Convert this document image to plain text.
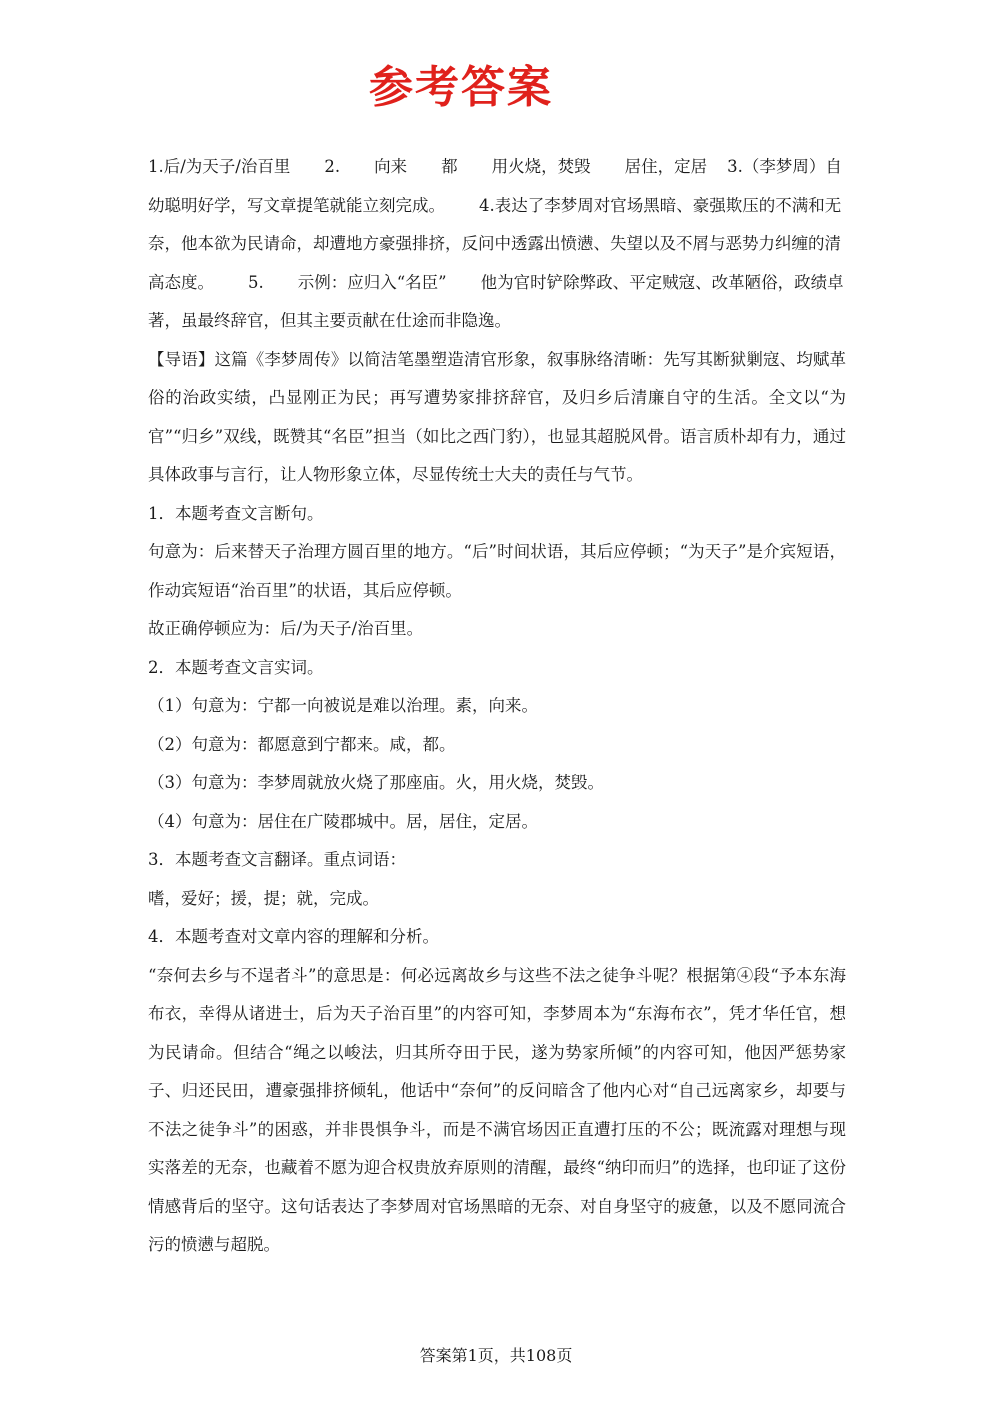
参考答案

1.后/为天子/治百里 2. 向来 都 用火烧，焚毁 居住，定居 3.（李梦周）自幼聪明好学，写文章提笔就能立刻完成。 4.表达了李梦周对官场黑暗、豪强欺压的不满和无奈，他本欲为民请命，却遭地方豪强排挤，反问中透露出愤懑、失望以及不屑与恶势力纠缠的清高态度。 5. 示例：应归入“名臣” 他为官时铲除弊政、平定贼寇、改革陋俗，政绩卓著，虽最终辞官，但其主要贡献在仕途而非隐逸。

【导语】这篇《李梦周传》以简洁笔墨塑造清官形象，叙事脉络清晰：先写其断狱剿寇、均赋革俗的治政实绩，凸显刚正为民；再写遭势家排挤辞官，及归乡后清廉自守的生活。全文以“为官”“归乡”双线，既赞其“名臣”担当（如比之西门豹），也显其超脱风骨。语言质朴却有力，通过具体政事与言行，让人物形象立体，尽显传统士大夫的责任与气节。

1．本题考查文言断句。

句意为：后来替天子治理方圆百里的地方。“后”时间状语，其后应停顿；“为天子”是介宾短语，作动宾短语“治百里”的状语，其后应停顿。

故正确停顿应为：后/为天子/治百里。

2．本题考查文言实词。

（1）句意为：宁都一向被说是难以治理。素，向来。

（2）句意为：都愿意到宁都来。咸，都。

（3）句意为：李梦周就放火烧了那座庙。火，用火烧，焚毁。

（4）句意为：居住在广陵郡城中。居，居住，定居。

3．本题考查文言翻译。重点词语：

嗜，爱好；援，提；就，完成。

4．本题考查对文章内容的理解和分析。

“奈何去乡与不逞者斗”的意思是：何必远离故乡与这些不法之徒争斗呢？根据第④段“予本东海布衣，幸得从诸进士，后为天子治百里”的内容可知，李梦周本为“东海布衣”，凭才华任官，想为民请命。但结合“绳之以峻法，归其所夺田于民，遂为势家所倾”的内容可知，他因严惩势家子、归还民田，遭豪强排挤倾轧，他话中“奈何”的反问暗含了他内心对“自己远离家乡，却要与不法之徒争斗”的困惑，并非畏惧争斗，而是不满官场因正直遭打压的不公；既流露对理想与现实落差的无奈，也藏着不愿为迎合权贵放弃原则的清醒，最终“纳印而归”的选择，也印证了这份情感背后的坚守。这句话表达了李梦周对官场黑暗的无奈、对自身坚守的疲惫，以及不愿同流合污的愤懑与超脱。

答案第1页，共108页
